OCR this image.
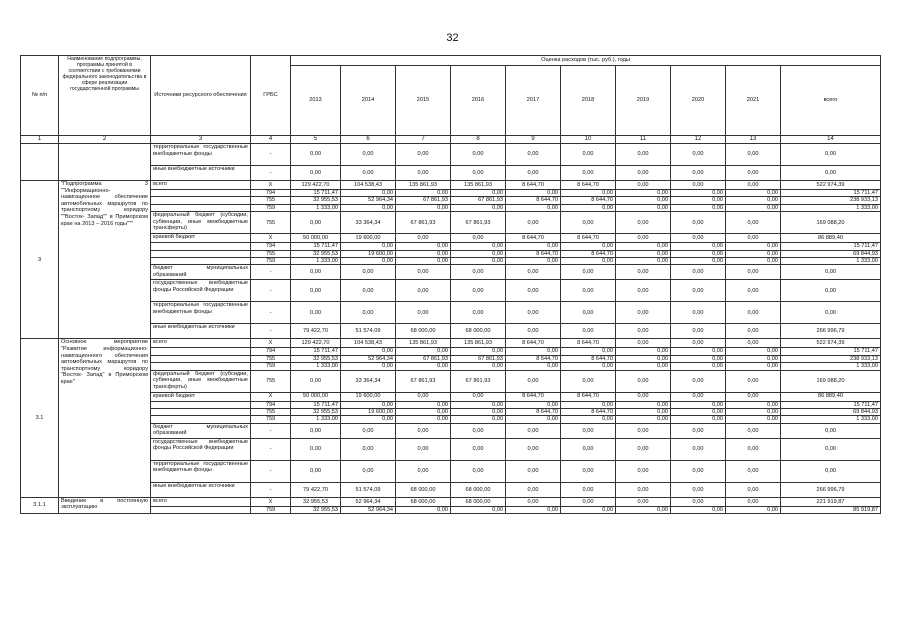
32
№ п/п	Наименование подпрограммы, программы принятой в соответствии с требованиями федерального законодательства в сфере реализации государственной программы	Источники ресурсного обеспечения	ГРБС	Оценка расходов (тыс. руб.), годы									
				2013	2014	2015	2016	2017	2018	2019	2020	2021	всего
1	2	3	4	5	6	7	8	9	10	11	12	13	14
		территориальные государственные внебюджетные фонды	-	0,00	0,00	0,00	0,00	0,00	0,00	0,00	0,00	0,00	0,00
		иные внебюджетные источники	-	0,00	0,00	0,00	0,00	0,00	0,00	0,00	0,00	0,00	0,00
3	"Подпрограмма 3 ""Информационно-навигационное обеспечение автомобильных маршрутов по транспортному коридору ""Восток- Запад"" в Приморском крае на 2013 – 2016 годы"""	всего	X	129 422,70	104 538,43	135 861,93	135 861,93	8 644,70	8 644,70	0,00	0,00	0,00	522 974,39
			794	15 711,47	0,00	0,00	0,00	0,00	0,00	0,00	0,00	0,00	15 711,47
			755	32 955,53	52 964,34	67 861,93	67 861,93	8 644,70	8 644,70	0,00	0,00	0,00	238 933,13
			759	1 333,00	0,00	0,00	0,00	0,00	0,00	0,00	0,00	0,00	1 333,00
		федеральный бюджет (субсидии, субвенции, иные межбюджетные трансферты)	755	0,00	33 364,34	67 861,93	67 861,93	0,00	0,00	0,00	0,00	0,00	169 088,20
		краевой бюджет	X	50 000,00	19 600,00	0,00	0,00	8 644,70	8 644,70	0,00	0,00	0,00	86 889,40
			794	15 711,47	0,00	0,00	0,00	0,00	0,00	0,00	0,00	0,00	15 711,47
			755	32 955,53	19 600,00	0,00	0,00	8 644,70	8 644,70	0,00	0,00	0,00	69 844,93
			759	1 333,00	0,00	0,00	0,00	0,00	0,00	0,00	0,00	0,00	1 333,00
		бюджет муниципальных образований	-	0,00	0,00	0,00	0,00	0,00	0,00	0,00	0,00	0,00	0,00
		государственные внебюджетные фонды Российской Федерации	-	0,00	0,00	0,00	0,00	0,00	0,00	0,00	0,00	0,00	0,00
		территориальные государственные внебюджетные фонды	-	0,00	0,00	0,00	0,00	0,00	0,00	0,00	0,00	0,00	0,00
		иные внебюджетные источники	-	79 422,70	51 574,09	68 000,00	68 000,00	0,00	0,00	0,00	0,00	0,00	266 996,79
3.1	Основное мероприятие "Развитие информационно-навигационного обеспечения автомобильных маршрутов по транспортному коридору "Восток- Запад" в Приморском крае"	всего	X	129 422,70	104 538,43	135 861,93	135 861,93	8 644,70	8 644,70	0,00	0,00	0,00	522 974,39
			794	15 711,47	0,00	0,00	0,00	0,00	0,00	0,00	0,00	0,00	15 711,47
			755	32 955,53	52 964,34	67 861,93	67 861,93	8 644,70	8 644,70	0,00	0,00	0,00	238 933,13
			759	1 333,00	0,00	0,00	0,00	0,00	0,00	0,00	0,00	0,00	1 333,00
		федеральный бюджет (субсидии, субвенции, иные межбюджетные трансферты)	755	0,00	33 364,34	67 861,93	67 861,93	0,00	0,00	0,00	0,00	0,00	169 088,20
		краевой бюджет	X	50 000,00	19 600,00	0,00	0,00	8 644,70	8 644,70	0,00	0,00	0,00	86 889,40
			794	15 711,47	0,00	0,00	0,00	0,00	0,00	0,00	0,00	0,00	15 711,47
			755	32 955,53	19 600,00	0,00	0,00	8 644,70	8 644,70	0,00	0,00	0,00	69 844,93
			759	1 333,00	0,00	0,00	0,00	0,00	0,00	0,00	0,00	0,00	1 333,00
		бюджет муниципальных образований	-	0,00	0,00	0,00	0,00	0,00	0,00	0,00	0,00	0,00	0,00
		государственные внебюджетные фонды Российской Федерации	-	0,00	0,00	0,00	0,00	0,00	0,00	0,00	0,00	0,00	0,00
		территориальные государственные внебюджетные фонды	-	0,00	0,00	0,00	0,00	0,00	0,00	0,00	0,00	0,00	0,00
		иные внебюджетные источники	-	79 422,70	51 574,09	68 000,00	68 000,00	0,00	0,00	0,00	0,00	0,00	266 996,79
3.1.1	Введение в постоянную эксплуатацию	всего	X	32 955,53	52 964,34	68 000,00	68 000,00	0,00	0,00	0,00	0,00	0,00	221 919,87
			759	32 955,53	52 964,34	0,00	0,00	0,00	0,00	0,00	0,00	0,00	85 919,87
